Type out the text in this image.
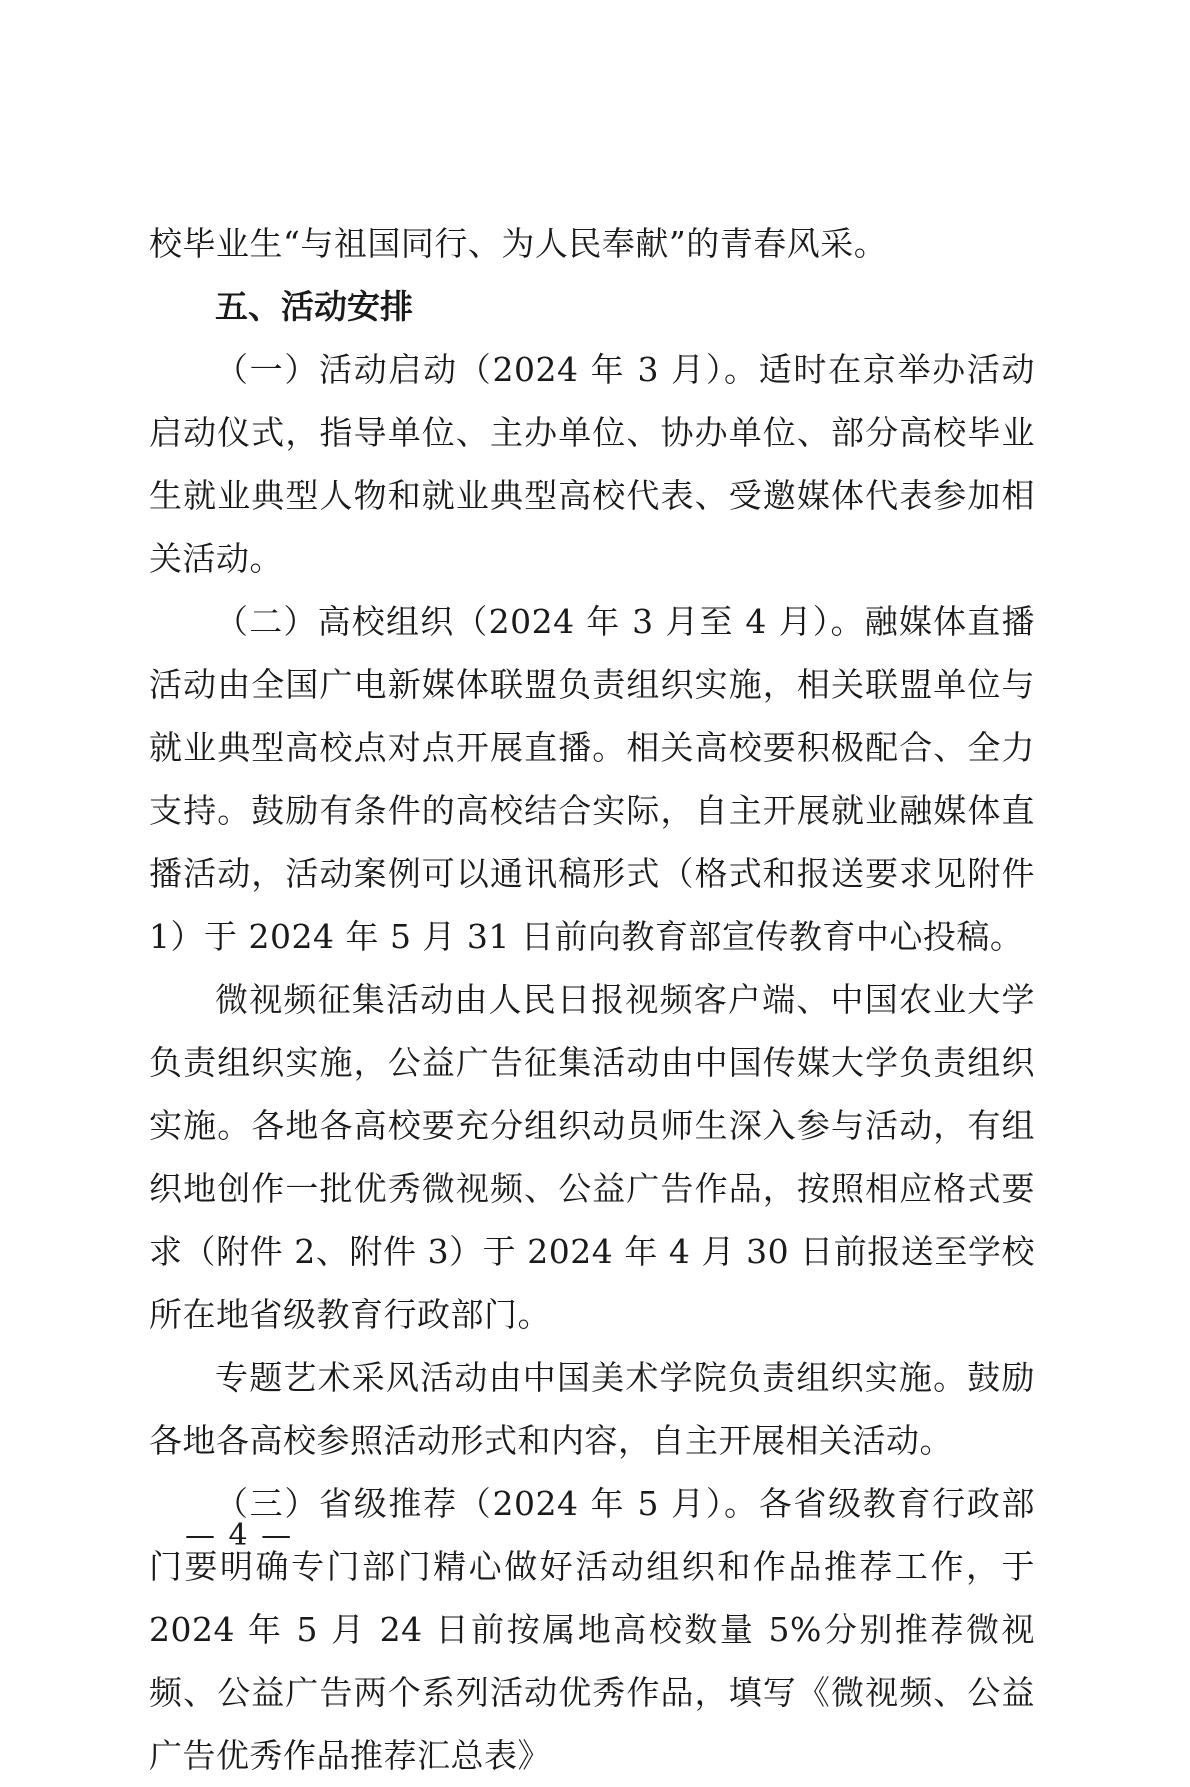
校毕业生“与祖国同行、为人民奉献”的青春风采。

五、活动安排

（一）活动启动（2024 年 3 月）。适时在京举办活动启动仪式，指导单位、主办单位、协办单位、部分高校毕业生就业典型人物和就业典型高校代表、受邀媒体代表参加相关活动。

（二）高校组织（2024 年 3 月至 4 月）。融媒体直播活动由全国广电新媒体联盟负责组织实施，相关联盟单位与就业典型高校点对点开展直播。相关高校要积极配合、全力支持。鼓励有条件的高校结合实际，自主开展就业融媒体直播活动，活动案例可以通讯稿形式（格式和报送要求见附件 1）于 2024 年 5 月 31 日前向教育部宣传教育中心投稿。

微视频征集活动由人民日报视频客户端、中国农业大学负责组织实施，公益广告征集活动由中国传媒大学负责组织实施。各地各高校要充分组织动员师生深入参与活动，有组织地创作一批优秀微视频、公益广告作品，按照相应格式要求（附件 2、附件 3）于 2024 年 4 月 30 日前报送至学校所在地省级教育行政部门。

专题艺术采风活动由中国美术学院负责组织实施。鼓励各地各高校参照活动形式和内容，自主开展相关活动。

（三）省级推荐（2024 年 5 月）。各省级教育行政部门要明确专门部门精心做好活动组织和作品推荐工作，于 2024 年 5 月 24 日前按属地高校数量 5%分别推荐微视频、公益广告两个系列活动优秀作品，填写《微视频、公益广告优秀作品推荐汇总表》

— 4 —
